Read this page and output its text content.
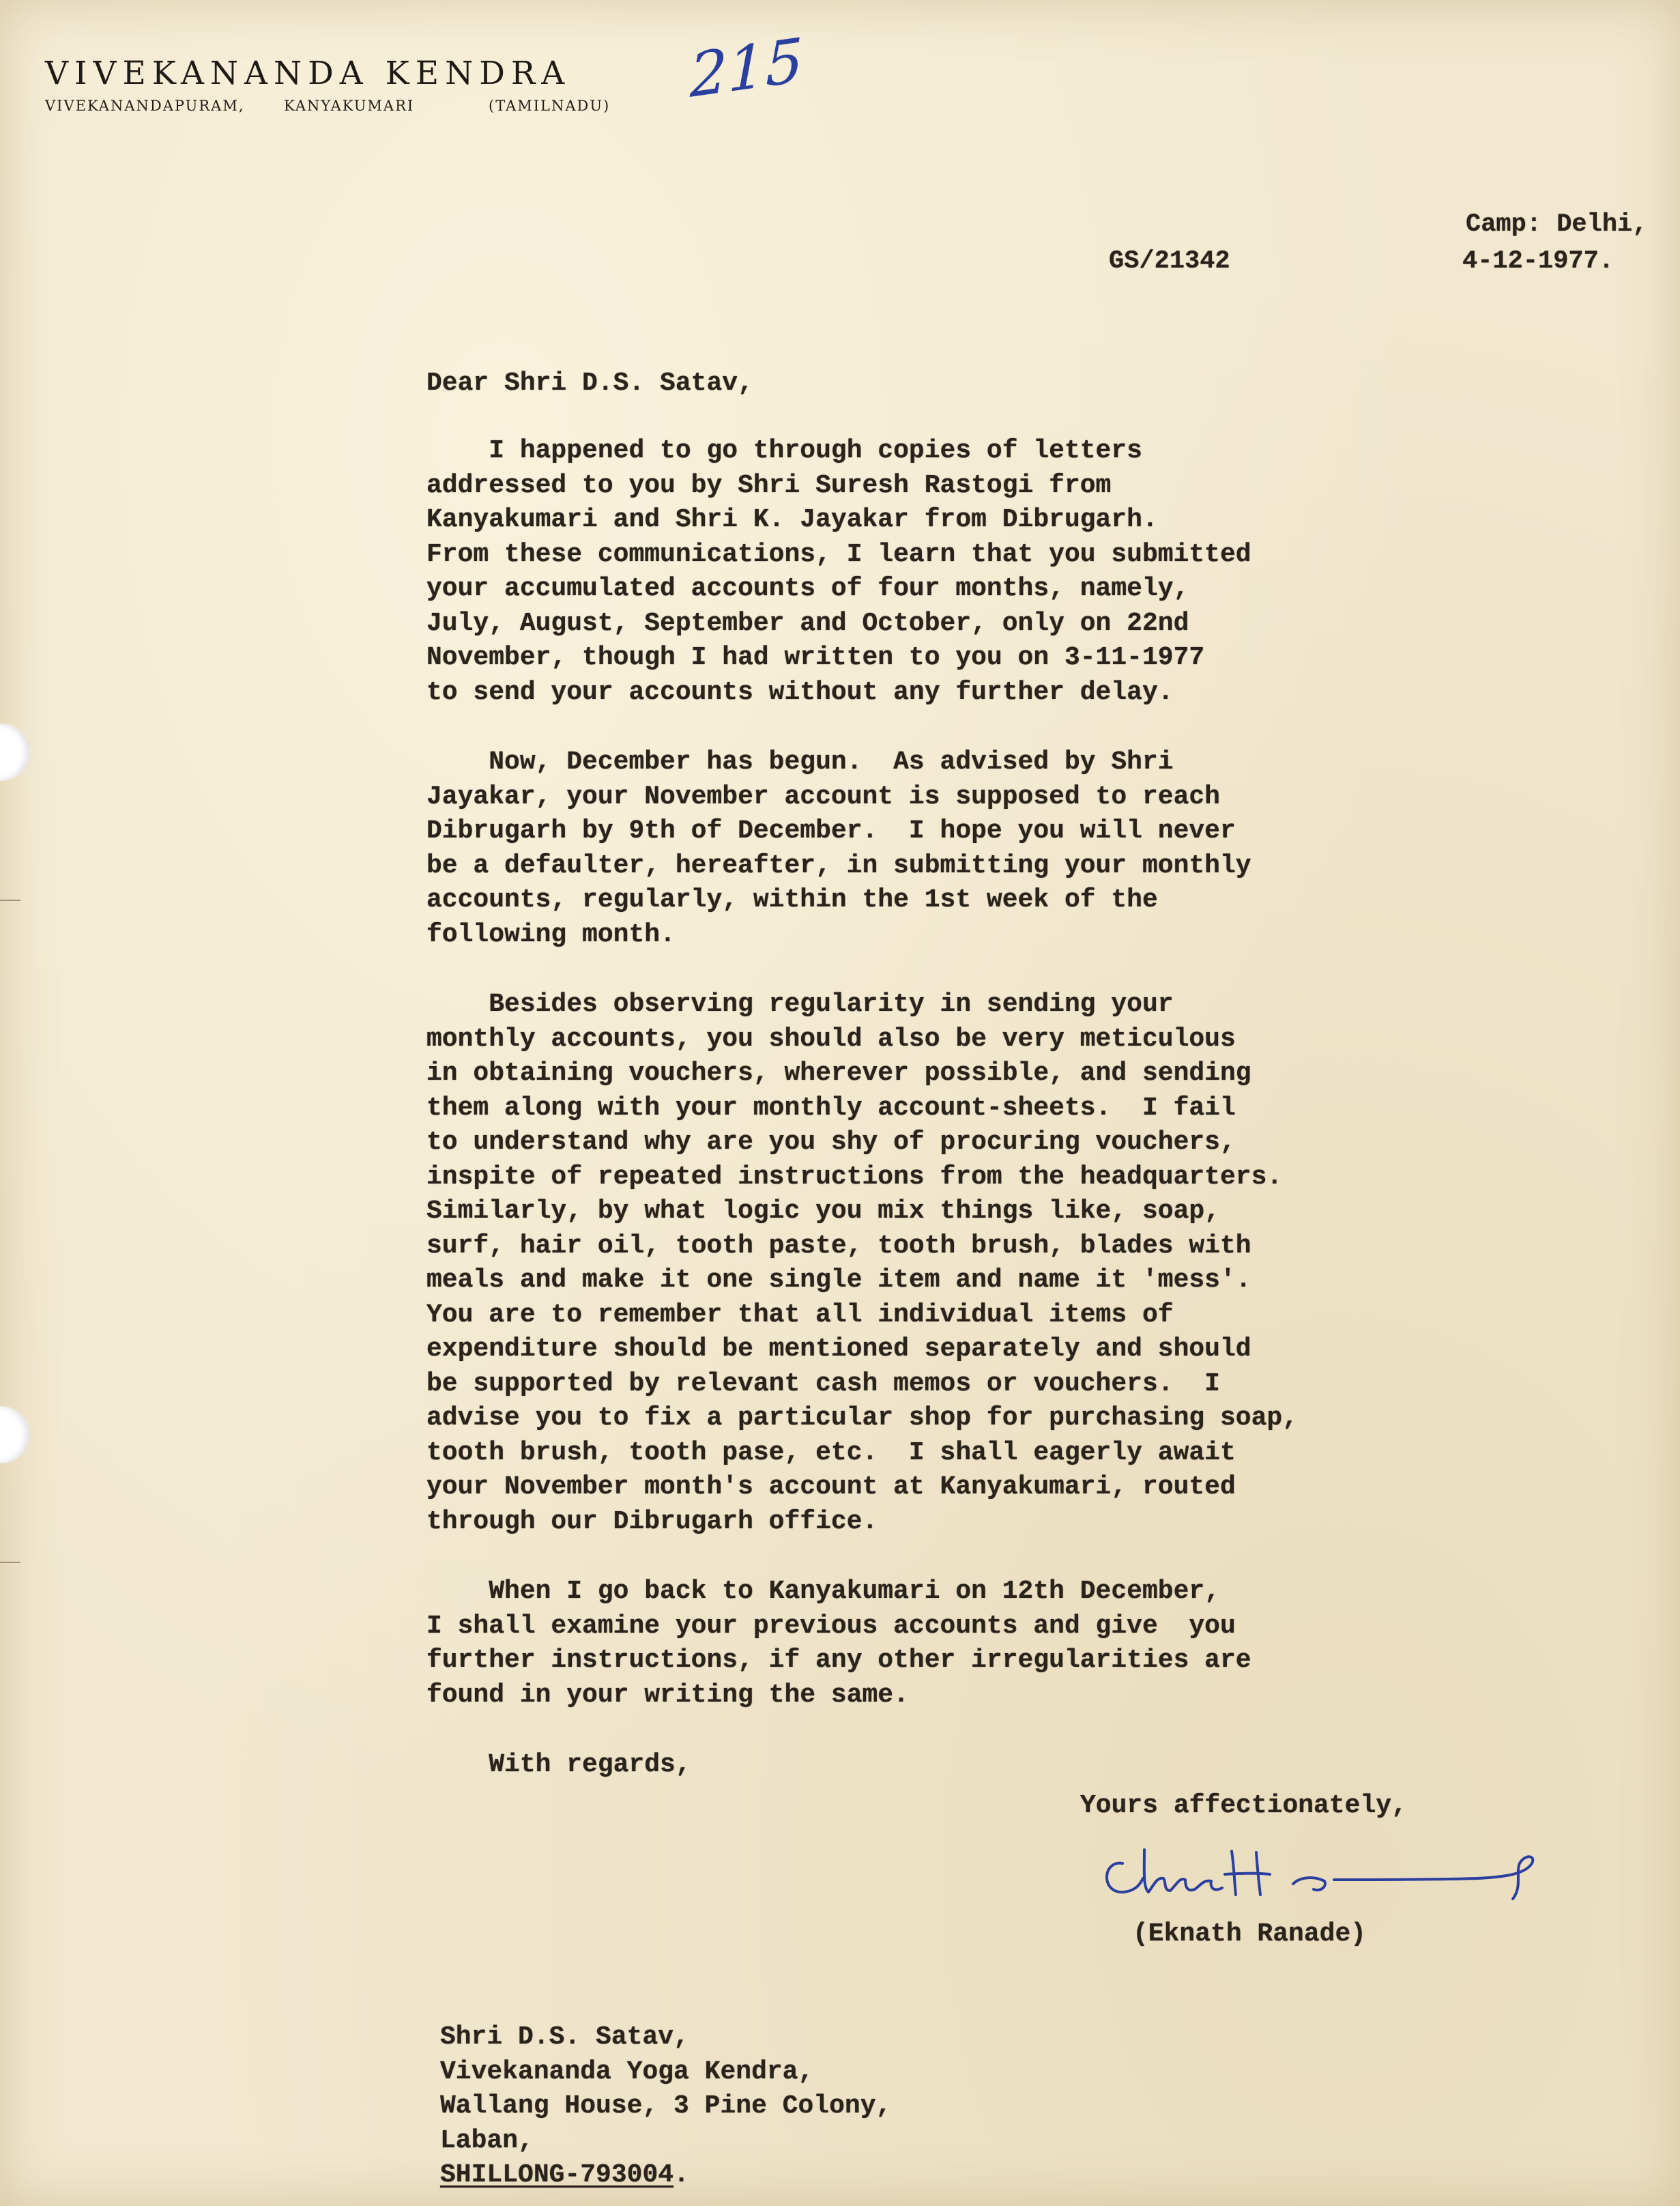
VIVEKANANDA KENDRA
VIVEKANANDAPURAM,	KANYAKUMARI	(TAMILNADU) 215
Camp: Delhi,
GS/21342	4-12-1977.
Dear Shri D.S. Satav,
I happened to go through copies of letters
addressed to you by Shri Suresh Rastogi from
Kanyakumari and Shri K. Jayakar from Dibrugarh.
From these communications, I learn that you submitted
your accumulated accounts of four months, namely,
July, August, September and October, only on 22nd
November, though I had written to you on 3-11-1977
to send your accounts without any further delay.
Now, December has begun.  As advised by Shri
Jayakar, your November account is supposed to reach
Dibrugarh by 9th of December.  I hope you will never
be a defaulter, hereafter, in submitting your monthly
accounts, regularly, within the 1st week of the
following month.
Besides observing regularity in sending your
monthly accounts, you should also be very meticulous
in obtaining vouchers, wherever possible, and sending
them along with your monthly account-sheets.  I fail
to understand why are you shy of procuring vouchers,
inspite of repeated instructions from the headquarters.
Similarly, by what logic you mix things like, soap,
surf, hair oil, tooth paste, tooth brush, blades with
meals and make it one single item and name it 'mess'.
You are to remember that all individual items of
expenditure should be mentioned separately and should
be supported by relevant cash memos or vouchers.  I
advise you to fix a particular shop for purchasing soap,
tooth brush, tooth pase, etc.  I shall eagerly await
your November month's account at Kanyakumari, routed
through our Dibrugarh office.
When I go back to Kanyakumari on 12th December,
I shall examine your previous accounts and give  you
further instructions, if any other irregularities are
found in your writing the same.
With regards,
Yours affectionately,
(Eknath Ranade)
Shri D.S. Satav,
Vivekananda Yoga Kendra,
Wallang House, 3 Pine Colony,
Laban,
SHILLONG-793004.
